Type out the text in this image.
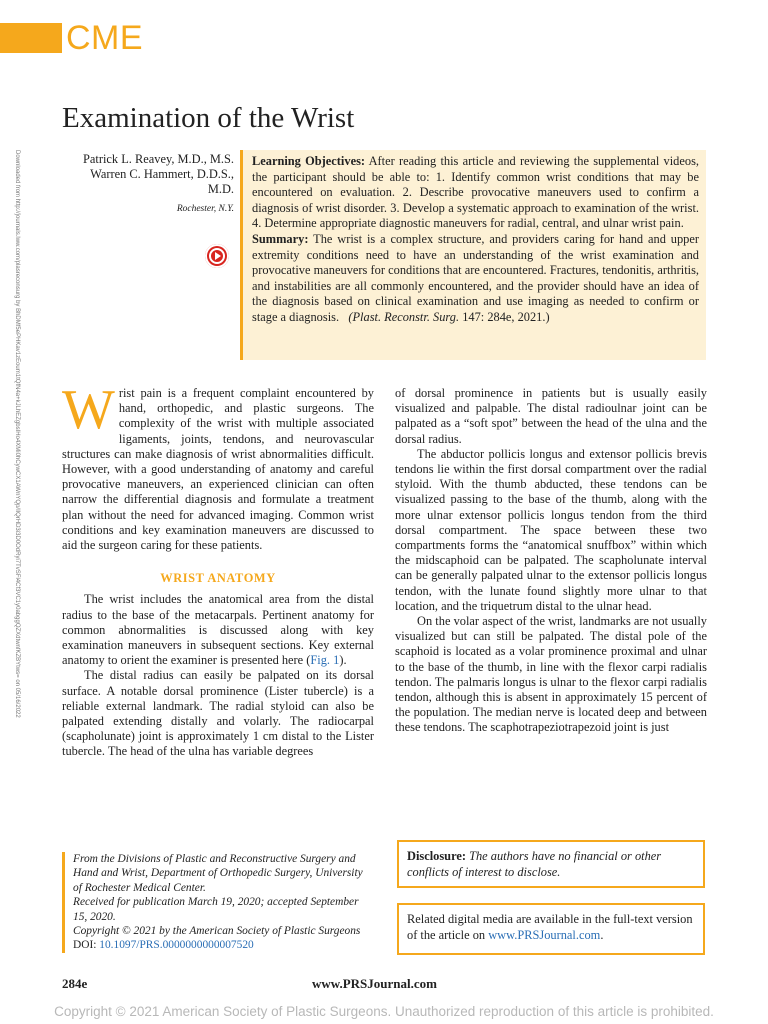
CME
Examination of the Wrist
Downloaded from http://journals.lww.com/plasreconsurg by BhDMf5ePHKav1zEoum1tQfN4a+kJLhEZgbsIHo4XMi0hCywCX1AWnYQp/IlQrHD3i3D0OdRyi7TvSFl4Cf3VC1y0abggQZXdtwnfKZBYtws= on 05/16/2022	Patrick L. Reavey, M.D., M.S.
Warren C. Hammert, D.D.S.,
M.D.
Rochester, N.Y.

Learning Objectives: After reading this article and reviewing the supplemental videos, the participant should be able to: 1. Identify common wrist conditions that may be encountered on evaluation. 2. Describe provocative maneuvers used to confirm a diagnosis of wrist disorder. 3. Develop a systematic approach to examination of the wrist. 4. Determine appropriate diagnostic maneuvers for radial, central, and ulnar wrist pain.

Summary: The wrist is a complex structure, and providers caring for hand and upper extremity conditions need to have an understanding of the wrist examination and provocative maneuvers for conditions that are encountered. Fractures, tendonitis, arthritis, and instabilities are all commonly encountered, and the provider should have an idea of the diagnosis based on clinical examination and use imaging as needed to confirm or stage a diagnosis. (Plast. Reconstr. Surg. 147: 284e, 2021.)

Wrist pain is a frequent complaint encountered by hand, orthopedic, and plastic surgeons. The complexity of the wrist with multiple associated ligaments, joints, tendons, and neurovascular structures can make diagnosis of wrist abnormalities difficult. However, with a good understanding of anatomy and careful provocative maneuvers, an experienced clinician can often narrow the differential diagnosis and formulate a treatment plan without the need for advanced imaging. Common wrist conditions and key examination maneuvers are discussed to aid the surgeon caring for these patients.

WRIST ANATOMY

The wrist includes the anatomical area from the distal radius to the base of the metacarpals. Pertinent anatomy for common abnormalities is discussed along with key examination maneuvers in subsequent sections. Key external anatomy to orient the examiner is presented here (Fig. 1).

The distal radius can easily be palpated on its dorsal surface. A notable dorsal prominence (Lister tubercle) is a reliable external landmark. The radial styloid can also be palpated extending distally and volarly. The radiocarpal (scapholunate) joint is approximately 1 cm distal to the Lister tubercle. The head of the ulna has variable degrees

of dorsal prominence in patients but is usually easily visualized and palpable. The distal radioulnar joint can be palpated as a “soft spot” between the head of the ulna and the dorsal radius.

The abductor pollicis longus and extensor pollicis brevis tendons lie within the first dorsal compartment over the radial styloid. With the thumb abducted, these tendons can be visualized passing to the base of the thumb, along with the more ulnar extensor pollicis longus tendon from the third dorsal compartment. The space between these two compartments forms the “anatomical snuffbox” within which the midscaphoid can be palpated. The scapholunate interval can be generally palpated ulnar to the extensor pollicis longus tendon, with the lunate found slightly more ulnar to that location, and the triquetrum distal to the ulnar head.

On the volar aspect of the wrist, landmarks are not usually visualized but can still be palpated. The distal pole of the scaphoid is located as a volar prominence proximal and ulnar to the base of the thumb, in line with the flexor carpi radialis tendon. The palmaris longus is ulnar to the flexor carpi radialis tendon, although this is absent in approximately 15 percent of the population. The median nerve is located deep and between these tendons. The scaphotrapeziotrapezoid joint is just

From the Divisions of Plastic and Reconstructive Surgery and Hand and Wrist, Department of Orthopedic Surgery, University of Rochester Medical Center.
Received for publication March 19, 2020; accepted September 15, 2020.
Copyright © 2021 by the American Society of Plastic Surgeons
DOI: 10.1097/PRS.0000000000007520
Disclosure: The authors have no financial or other conflicts of interest to disclose.
Related digital media are available in the full-text version of the article on www.PRSJournal.com.
284e	www.PRSJournal.com
Copyright © 2021 American Society of Plastic Surgeons. Unauthorized reproduction of this article is prohibited.
